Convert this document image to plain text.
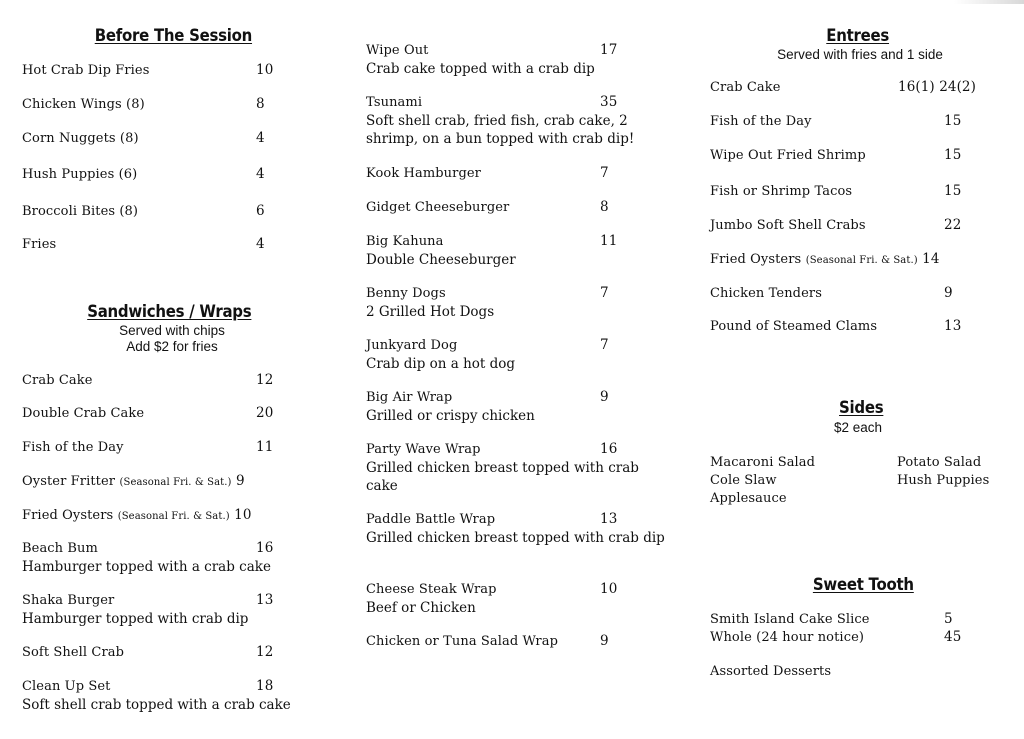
Before The Session
Hot Crab Dip Fries	10
Chicken Wings (8)	8
Corn Nuggets (8)	4
Hush Puppies (6)	4
Broccoli Bites (8)	6
Fries	4
Sandwiches / Wraps
Served with chips
Add $2 for fries
Crab Cake	12
Double Crab Cake	20
Fish of the Day	11
Oyster Fritter (Seasonal Fri. & Sat.) 9
Fried Oysters (Seasonal Fri. & Sat.) 10
Beach Bum	16
Hamburger topped with a crab cake
Shaka Burger	13
Hamburger topped with crab dip
Soft Shell Crab	12
Clean Up Set	18
Soft shell crab topped with a crab cake
Wipe Out	17
Crab cake topped with a crab dip
Tsunami	35
Soft shell crab, fried fish, crab cake, 2 shrimp, on a bun topped with crab dip!
Kook Hamburger	7
Gidget Cheeseburger	8
Big Kahuna	11
Double Cheeseburger
Benny Dogs	7
2 Grilled Hot Dogs
Junkyard Dog	7
Crab dip on a hot dog
Big Air Wrap	9
Grilled or crispy chicken
Party Wave Wrap	16
Grilled chicken breast topped with crab cake
Paddle Battle Wrap	13
Grilled chicken breast topped with crab dip
Cheese Steak Wrap	10
Beef or Chicken
Chicken or Tuna Salad Wrap	9
Entrees
Served with fries and 1 side
Crab Cake	16(1) 24(2)
Fish of the Day	15
Wipe Out Fried Shrimp	15
Fish or Shrimp Tacos	15
Jumbo Soft Shell Crabs	22
Fried Oysters (Seasonal Fri. & Sat.) 14
Chicken Tenders	9
Pound of Steamed Clams	13
Sides
$2 each
Macaroni Salad
Cole Slaw
Applesauce
Potato Salad
Hush Puppies
Sweet Tooth
Smith Island Cake Slice	5
Whole (24 hour notice)	45
Assorted Desserts
